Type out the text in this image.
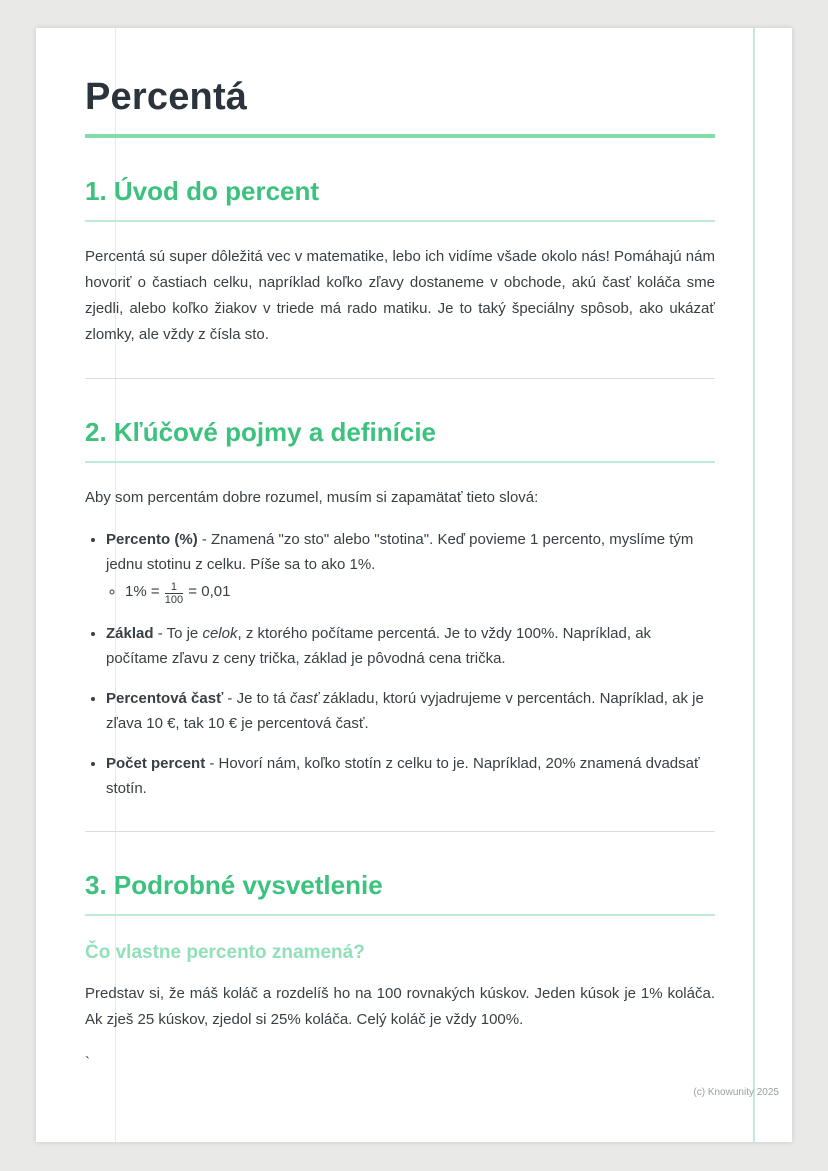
Percentá
1. Úvod do percent

Percentá sú super dôležitá vec v matematike, lebo ich vidíme všade okolo nás! Pomáhajú nám hovoriť o častiach celku, napríklad koľko zľavy dostaneme v obchode, akú časť koláča sme zjedli, alebo koľko žiakov v triede má rado matiku. Je to taký špeciálny spôsob, ako ukázať zlomky, ale vždy z čísla sto.

2. Kľúčové pojmy a definície

Aby som percentám dobre rozumel, musím si zapamätať tieto slová:

• Percento (%) - Znamená "zo sto" alebo "stotina". Keď povieme 1 percento, myslíme tým jednu stotinu z celku. Píše sa to ako 1%.
◦ $1\% = \frac{1}{100} = 0,01$
• Základ - To je celok, z ktorého počítame percentá. Je to vždy 100%. Napríklad, ak počítame zľavu z ceny trička, základ je pôvodná cena trička.
• Percentová časť - Je to tá časť základu, ktorú vyjadrujeme v percentách. Napríklad, ak je zľava 10 €, tak 10 € je percentová časť.
• Počet percent - Hovorí nám, koľko stotín z celku to je. Napríklad, 20% znamená dvadsať stotín.
3. Podrobné vysvetlenie
Čo vlastne percento znamená?

Predstav si, že máš koláč a rozdelíš ho na 100 rovnakých kúskov. Jeden kúsok je 1% koláča. Ak zješ 25 kúskov, zjedol si 25% koláča. Celý koláč je vždy 100%.

`

(c) Knowunity 2025
